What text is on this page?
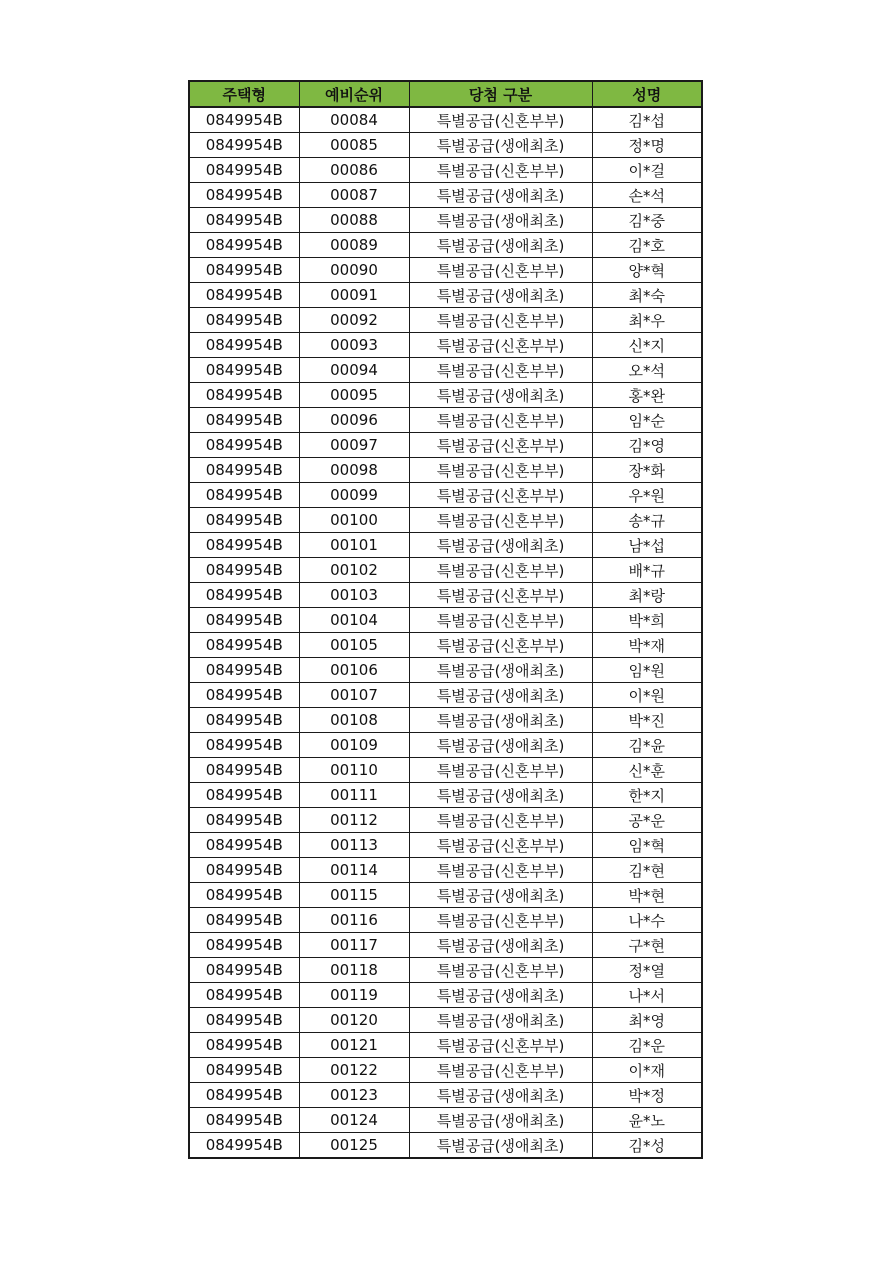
주택형	예비순위	당첨 구분	성명
0849954B	00084	특별공급(신혼부부)	김*섭
0849954B	00085	특별공급(생애최초)	정*명
0849954B	00086	특별공급(신혼부부)	이*걸
0849954B	00087	특별공급(생애최초)	손*석
0849954B	00088	특별공급(생애최초)	김*중
0849954B	00089	특별공급(생애최초)	김*호
0849954B	00090	특별공급(신혼부부)	양*혁
0849954B	00091	특별공급(생애최초)	최*숙
0849954B	00092	특별공급(신혼부부)	최*우
0849954B	00093	특별공급(신혼부부)	신*지
0849954B	00094	특별공급(신혼부부)	오*석
0849954B	00095	특별공급(생애최초)	홍*완
0849954B	00096	특별공급(신혼부부)	임*순
0849954B	00097	특별공급(신혼부부)	김*영
0849954B	00098	특별공급(신혼부부)	장*화
0849954B	00099	특별공급(신혼부부)	우*원
0849954B	00100	특별공급(신혼부부)	송*규
0849954B	00101	특별공급(생애최초)	남*섭
0849954B	00102	특별공급(신혼부부)	배*규
0849954B	00103	특별공급(신혼부부)	최*랑
0849954B	00104	특별공급(신혼부부)	박*희
0849954B	00105	특별공급(신혼부부)	박*재
0849954B	00106	특별공급(생애최초)	임*원
0849954B	00107	특별공급(생애최초)	이*원
0849954B	00108	특별공급(생애최초)	박*진
0849954B	00109	특별공급(생애최초)	김*윤
0849954B	00110	특별공급(신혼부부)	신*훈
0849954B	00111	특별공급(생애최초)	한*지
0849954B	00112	특별공급(신혼부부)	공*운
0849954B	00113	특별공급(신혼부부)	임*혁
0849954B	00114	특별공급(신혼부부)	김*현
0849954B	00115	특별공급(생애최초)	박*현
0849954B	00116	특별공급(신혼부부)	나*수
0849954B	00117	특별공급(생애최초)	구*현
0849954B	00118	특별공급(신혼부부)	정*열
0849954B	00119	특별공급(생애최초)	나*서
0849954B	00120	특별공급(생애최초)	최*영
0849954B	00121	특별공급(신혼부부)	김*운
0849954B	00122	특별공급(신혼부부)	이*재
0849954B	00123	특별공급(생애최초)	박*정
0849954B	00124	특별공급(생애최초)	윤*노
0849954B	00125	특별공급(생애최초)	김*성
